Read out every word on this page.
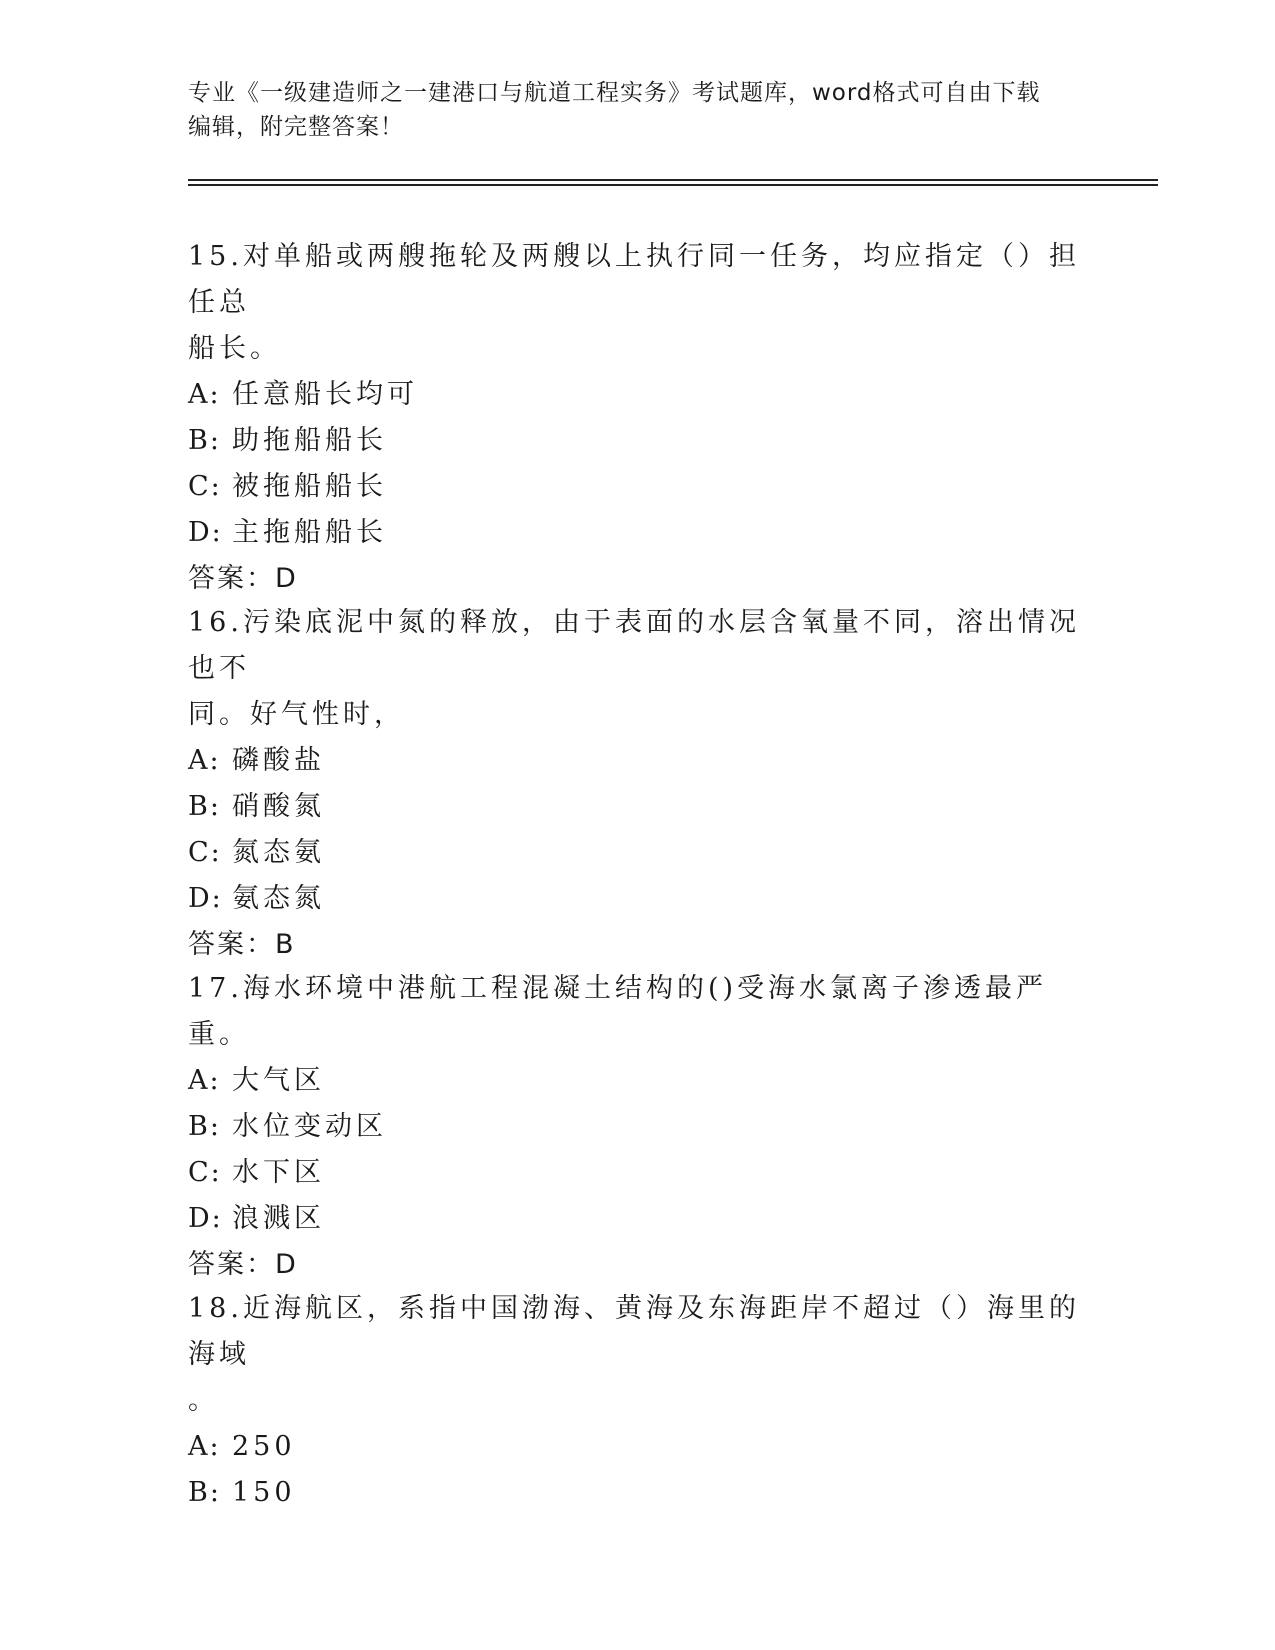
专业《一级建造师之一建港口与航道工程实务》考试题库，word格式可自由下载
编辑，附完整答案！

15.对单船或两艘拖轮及两艘以上执行同一任务，均应指定（）担任总

船长。

A: 任意船长均可

B: 助拖船船长

C: 被拖船船长

D: 主拖船船长

答案：D

16.污染底泥中氮的释放，由于表面的水层含氧量不同，溶出情况也不

同。好气性时，

A: 磷酸盐

B: 硝酸氮

C: 氮态氨

D: 氨态氮

答案：B

17.海水环境中港航工程混凝土结构的()受海水氯离子渗透最严重。

A: 大气区

B: 水位变动区

C: 水下区

D: 浪溅区

答案：D

18.近海航区，系指中国渤海、黄海及东海距岸不超过（）海里的海域

。

A: 250

B: 150
